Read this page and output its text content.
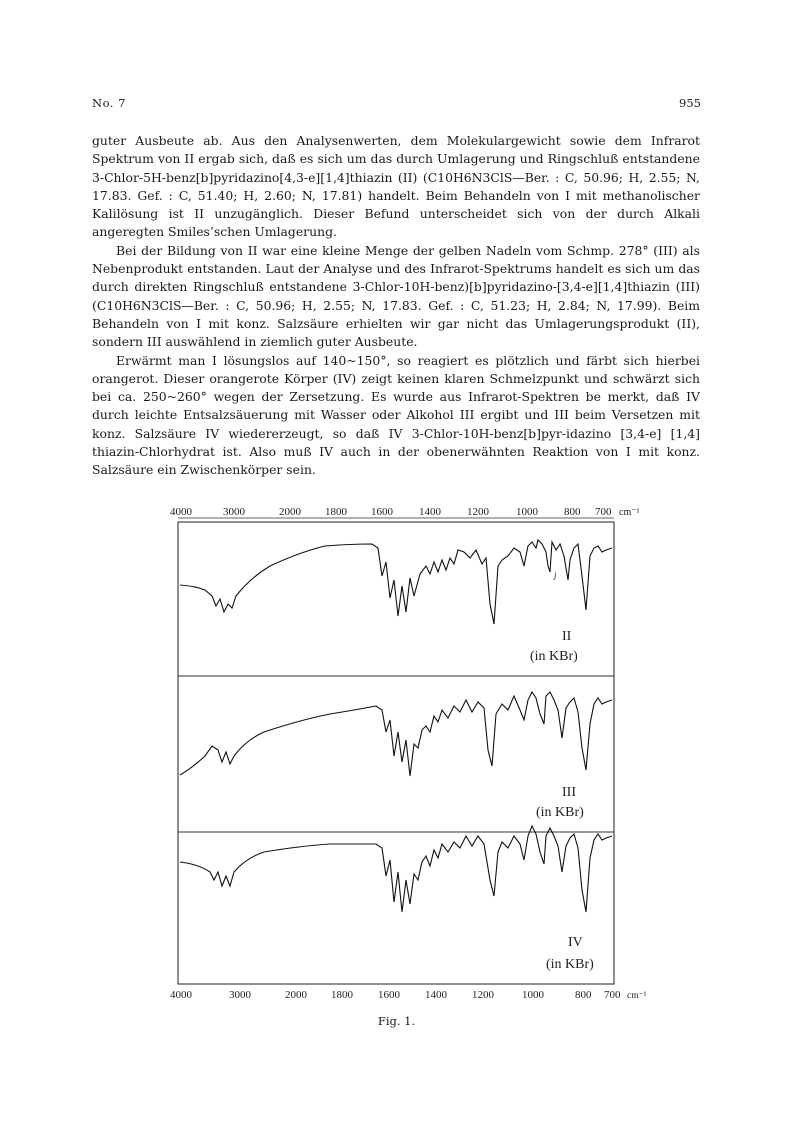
No. 7	955

guter Ausbeute ab. Aus den Analysenwerten, dem Molekulargewicht sowie dem Infrarot Spektrum von II ergab sich, daß es sich um das durch Umlagerung und Ringschluß entstandene 3-Chlor-5H-benz[b]pyridazino[4,3-e][1,4]thiazin (II) (C10H6N3ClS—Ber. : C, 50.96; H, 2.55; N, 17.83. Gef. : C, 51.40; H, 2.60; N, 17.81) handelt. Beim Behandeln von I mit methanolischer Kalilösung ist II unzugänglich. Dieser Befund unterscheidet sich von der durch Alkali angeregten Smiles’schen Umlagerung.

Bei der Bildung von II war eine kleine Menge der gelben Nadeln vom Schmp. 278° (III) als Nebenprodukt entstanden. Laut der Analyse und des Infrarot-Spektrums handelt es sich um das durch direkten Ringschluß entstandene 3-Chlor-10H-benz)[b]pyridazino-[3,4-e][1,4]thiazin (III) (C10H6N3ClS—Ber. : C, 50.96; H, 2.55; N, 17.83. Gef. : C, 51.23; H, 2.84; N, 17.99). Beim Behandeln von I mit konz. Salzsäure erhielten wir gar nicht das Umlagerungsprodukt (II), sondern III auswählend in ziemlich guter Ausbeute.

Erwärmt man I lösungslos auf 140~150°, so reagiert es plötzlich und färbt sich hierbei orangerot. Dieser orangerote Körper (IV) zeigt keinen klaren Schmelzpunkt und schwärzt sich bei ca. 250~260° wegen der Zersetzung. Es wurde aus Infrarot-Spektren be merkt, daß IV durch leichte Entsalzsäuerung mit Wasser oder Alkohol III ergibt und III beim Versetzen mit konz. Salzsäure IV wiedererzeugt, so daß IV 3-Chlor-10H-benz[b]pyr-idazino [3,4-e] [1,4] thiazin-Chlorhydrat ist. Also muß IV auch in der obenerwähnten Reaktion von I mit konz. Salzsäure ein Zwischenkörper sein.

4000	3000	2000 1800 1600 1400 1200 1000 800 700 cm⁻¹
4000	3000	2000 1800 1600 1400 1200	1000	800 700 cm⁻¹
j
II
(in KBr)
III
(in KBr)
IV
(in KBr)
Fig. 1.
